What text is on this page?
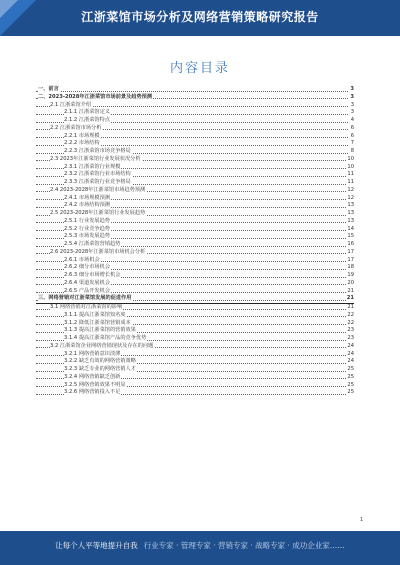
江浙菜馆市场分析及网络营销策略研究报告
内容目录
一、前言	3
二、2023-2028年江浙菜馆市场前景及趋势预测	3
2.1 江浙菜馆介绍	3
2.1.1 江浙菜馆定义	3
2.1.2 江浙菜馆特点	4
2.2 江浙菜馆市场分析	6
2.2.1 市场规模	6
2.2.2 市场结构	7
2.2.3 江浙菜馆市场竞争格局	8
2.3 2023年江浙菜馆行业发展状况分析	10
2.3.1 江浙菜馆行业规模	10
2.3.2 江浙菜馆行业市场结构	11
2.3.3 江浙菜馆行业竞争格局	11
2.4 2023-2028年江浙菜馆市场趋势预测	12
2.4.1 市场规模预测	12
2.4.2 市场结构预测	13
2.5 2023-2028年江浙菜馆行业发展趋势	13
2.5.1 行业发展趋势	13
2.5.2 行业竞争趋势	14
2.5.3 市场发展趋势	15
2.5.4 江浙菜馆营销趋势	16
2.6 2023-2028年江浙菜馆市场机会分析	17
2.6.1 市场机会	17
2.6.2 细分市场机会	18
2.6.3 细分市场增长机会	19
2.6.4 渠道发展机会	20
2.6.5 产品开发机会	21
三、网络营销对江浙菜馆发展的促进作用	21
3.1 网络营销对江浙菜馆的影响	21
3.1.1 提高江浙菜馆知名度	22
3.1.2 降低江浙菜馆营销成本	22
3.1.3 提高江浙菜馆的营销效果	23
3.1.4 提高江浙菜馆产品的竞争优势	23
3.2 江浙菜馆企业网络营销现状及存在的问题	24
3.2.1 网络营销意识淡薄	24
3.2.2 缺乏有效的网络营销策略	24
3.2.3 缺乏专业的网络营销人才	25
3.2.4 网络营销缺乏创新	25
3.2.5 网络营销效果不明显	25
3.2.6 网络营销投入不足	25
1
让每个人平等地提升自我 行业专家 · 管理专家 · 营销专家 · 战略专家 · 成功企业家……
